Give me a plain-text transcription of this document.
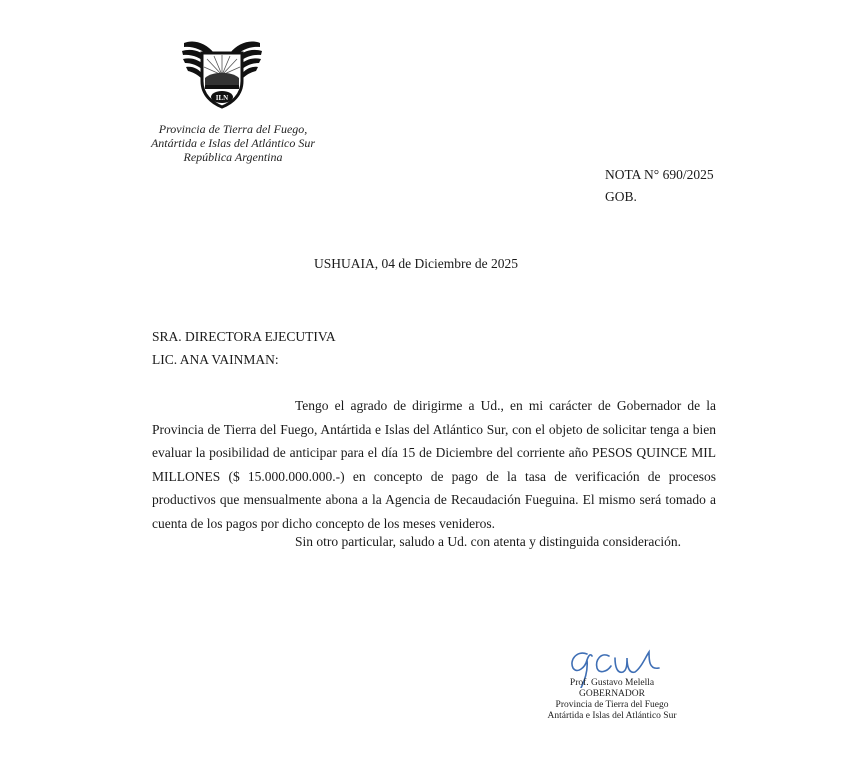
ILN
Provincia de Tierra del Fuego,
Antártida e Islas del Atlántico Sur
República Argentina
NOTA N° 690/2025
GOB.
USHUAIA, 04 de Diciembre de 2025
SRA. DIRECTORA EJECUTIVA
LIC. ANA VAINMAN:
Tengo el agrado de dirigirme a Ud., en mi carácter de Gobernador de la Provincia de Tierra del Fuego, Antártida e Islas del Atlántico Sur, con el objeto de solicitar tenga a bien evaluar la posibilidad de anticipar para el día 15 de Diciembre del corriente año PESOS QUINCE MIL MILLONES ($ 15.000.000.000.-) en concepto de pago de la tasa de verificación de procesos productivos que mensualmente abona a la Agencia de Recaudación Fueguina. El mismo será tomado a cuenta de los pagos por dicho concepto de los meses venideros.
Sin otro particular, saludo a Ud. con atenta y distinguida consideración.
Prof. Gustavo Melella
GOBERNADOR
Provincia de Tierra del Fuego
Antártida e Islas del Atlántico Sur
